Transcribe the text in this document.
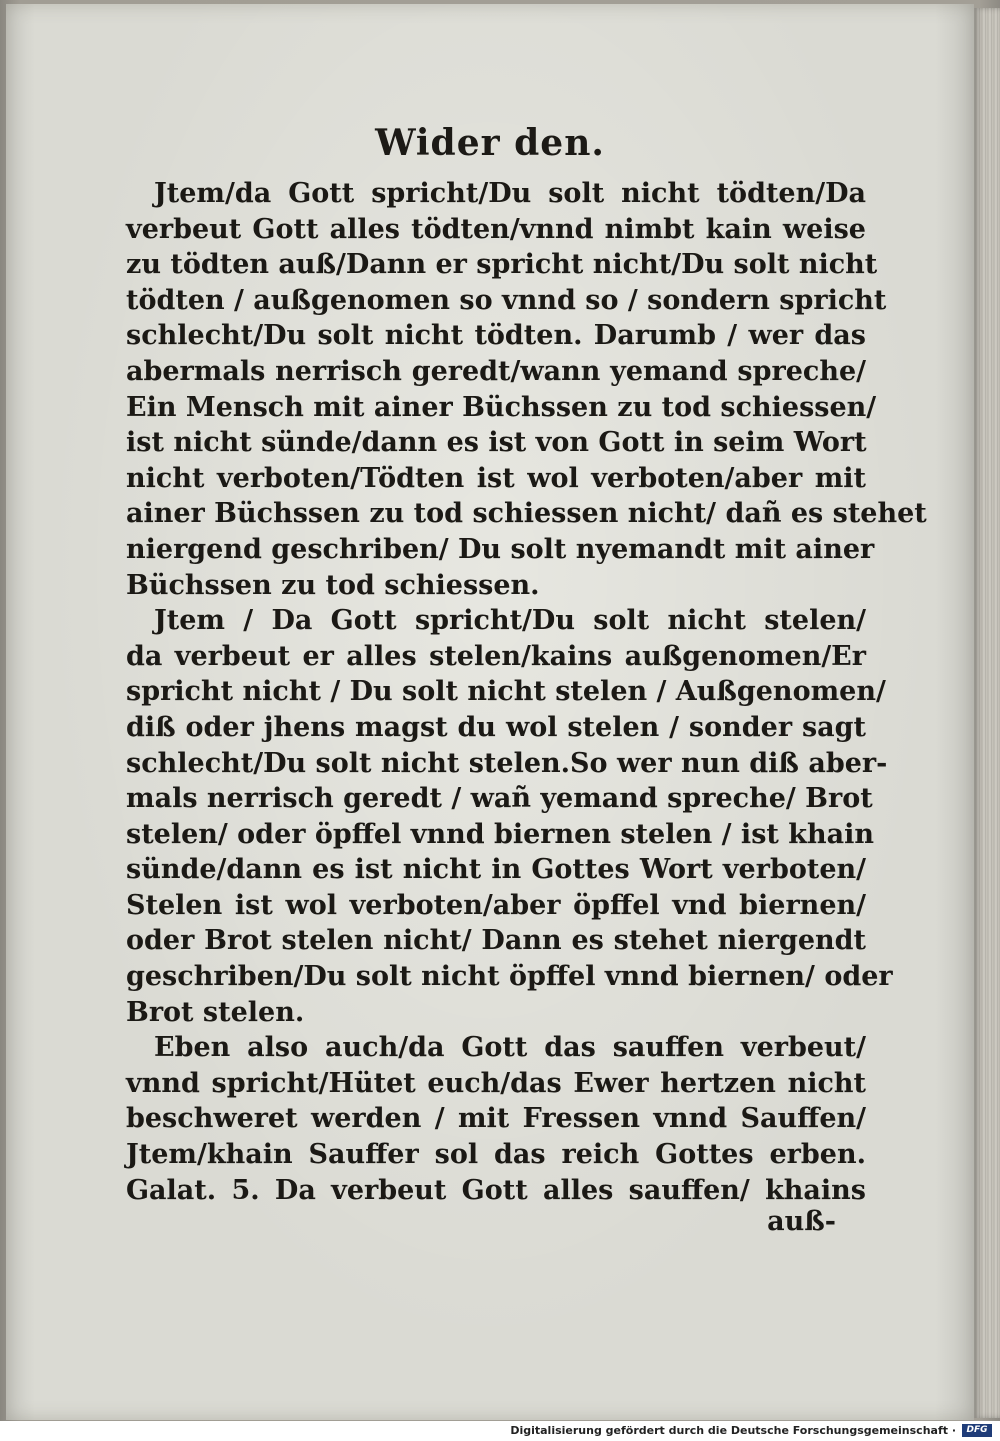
Wider den.
Jtem/da Gott spricht/Du solt nicht tödten/Da
verbeut Gott alles tödten/vnnd nimbt kain weise
zu tödten auß/Dann er spricht nicht/Du solt nicht
tödten / außgenomen so vnnd so / sondern spricht
schlecht/Du solt nicht tödten. Darumb / wer das
abermals nerrisch geredt/wann yemand spreche/
Ein Mensch mit ainer Büchssen zu tod schiessen/
ist nicht sünde/dann es ist von Gott in seim Wort
nicht verboten/Tödten ist wol verboten/aber mit
ainer Büchssen zu tod schiessen nicht/ dañ es stehet
niergend geschriben/ Du solt nyemandt mit ainer
Büchssen zu tod schiessen.
Jtem / Da Gott spricht/Du solt nicht stelen/
da verbeut er alles stelen/kains außgenomen/Er
spricht nicht / Du solt nicht stelen / Außgenomen/
diß oder jhens magst du wol stelen / sonder sagt
schlecht/Du solt nicht stelen.So wer nun diß aber-
mals nerrisch geredt / wañ yemand spreche/ Brot
stelen/ oder öpffel vnnd biernen stelen / ist khain
sünde/dann es ist nicht in Gottes Wort verboten/
Stelen ist wol verboten/aber öpffel vnd biernen/
oder Brot stelen nicht/ Dann es stehet niergendt
geschriben/Du solt nicht öpffel vnnd biernen/ oder
Brot stelen.
Eben also auch/da Gott das sauffen verbeut/
vnnd spricht/Hütet euch/das Ewer hertzen nicht
beschweret werden / mit Fressen vnnd Sauffen/
Jtem/khain Sauffer sol das reich Gottes erben.
Galat. 5. Da verbeut Gott alles sauffen/ khains
auß-
Digitalisierung gefördert durch die Deutsche Forschungsgemeinschaft ·	DFG
